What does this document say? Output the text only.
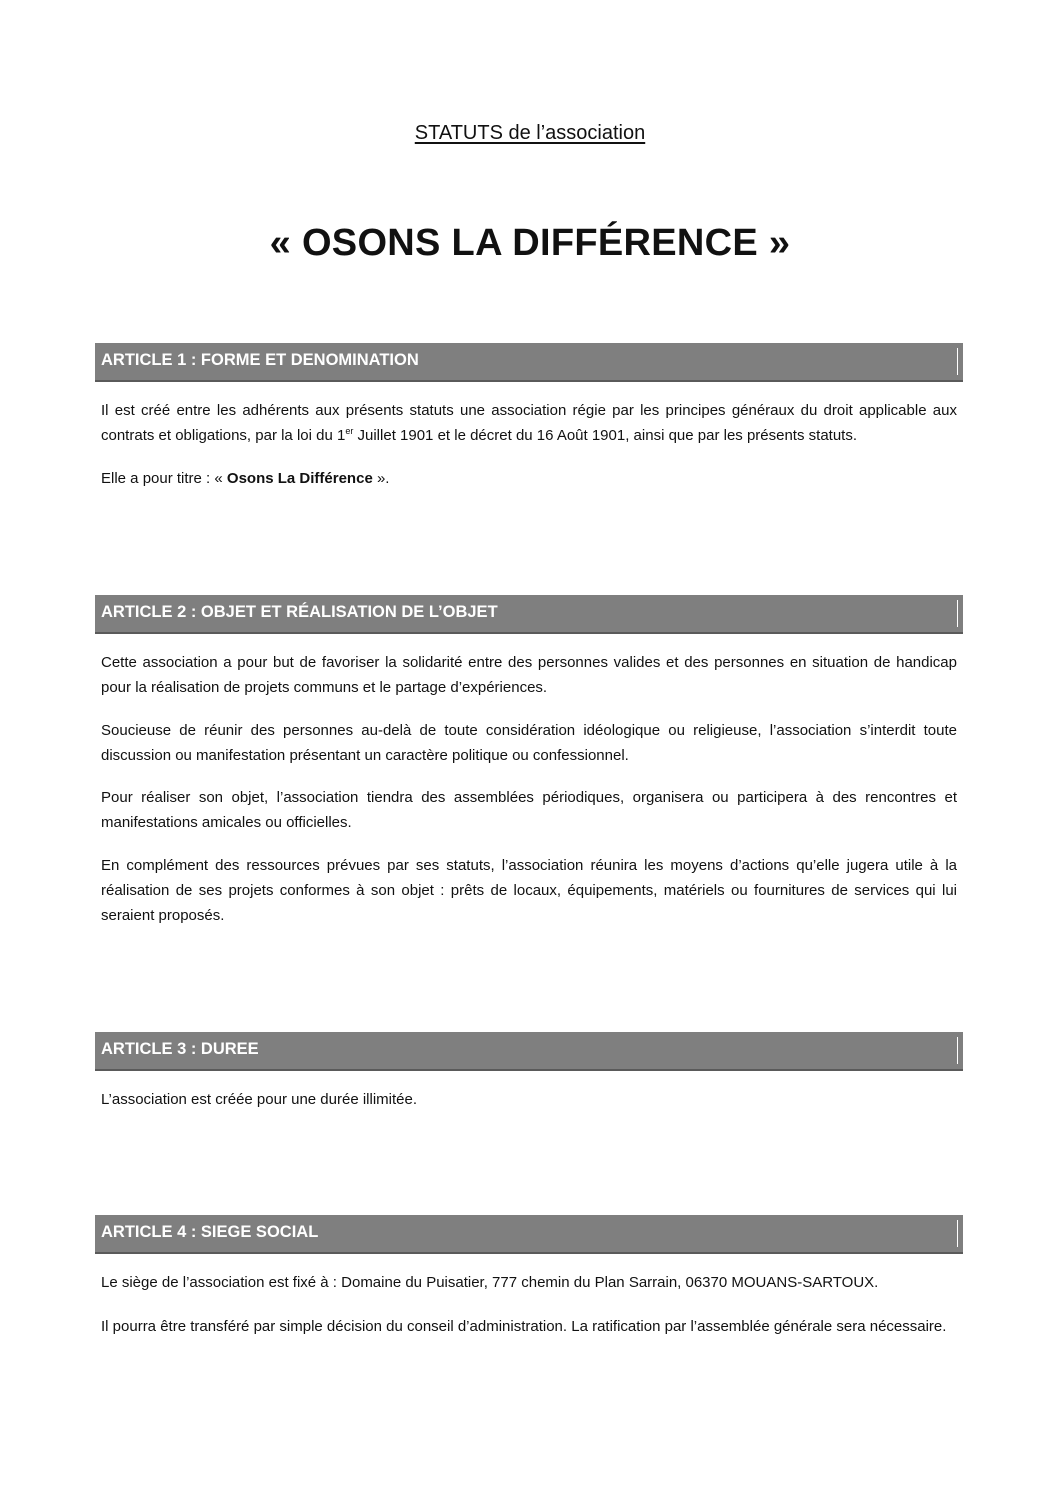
STATUTS de l’association
« OSONS LA DIFFÉRENCE »
ARTICLE 1 : FORME ET DENOMINATION

Il est créé entre les adhérents aux présents statuts une association régie par les principes généraux du droit applicable aux contrats et obligations, par la loi du 1er Juillet 1901 et le décret du 16 Août 1901, ainsi que par les présents statuts.

Elle a pour titre : « Osons La Différence ».

ARTICLE 2 : OBJET ET RÉALISATION DE L’OBJET

Cette association a pour but de favoriser la solidarité entre des personnes valides et des personnes en situation de handicap pour la réalisation de projets communs et le partage d’expériences.

Soucieuse de réunir des personnes au-delà de toute considération idéologique ou religieuse, l’association s’interdit toute discussion ou manifestation présentant un caractère politique ou confessionnel.

Pour réaliser son objet, l’association tiendra des assemblées périodiques, organisera ou participera à des rencontres et manifestations amicales ou officielles.

En complément des ressources prévues par ses statuts, l’association réunira les moyens d’actions qu’elle jugera utile à la réalisation de ses projets conformes à son objet : prêts de locaux, équipements, matériels ou fournitures de services qui lui seraient proposés.

ARTICLE 3 : DUREE

L’association est créée pour une durée illimitée.

ARTICLE 4 : SIEGE SOCIAL

Le siège de l’association est fixé à : Domaine du Puisatier, 777 chemin du Plan Sarrain, 06370 MOUANS-SARTOUX.

Il pourra être transféré par simple décision du conseil d’administration. La ratification par l’assemblée générale sera nécessaire.
